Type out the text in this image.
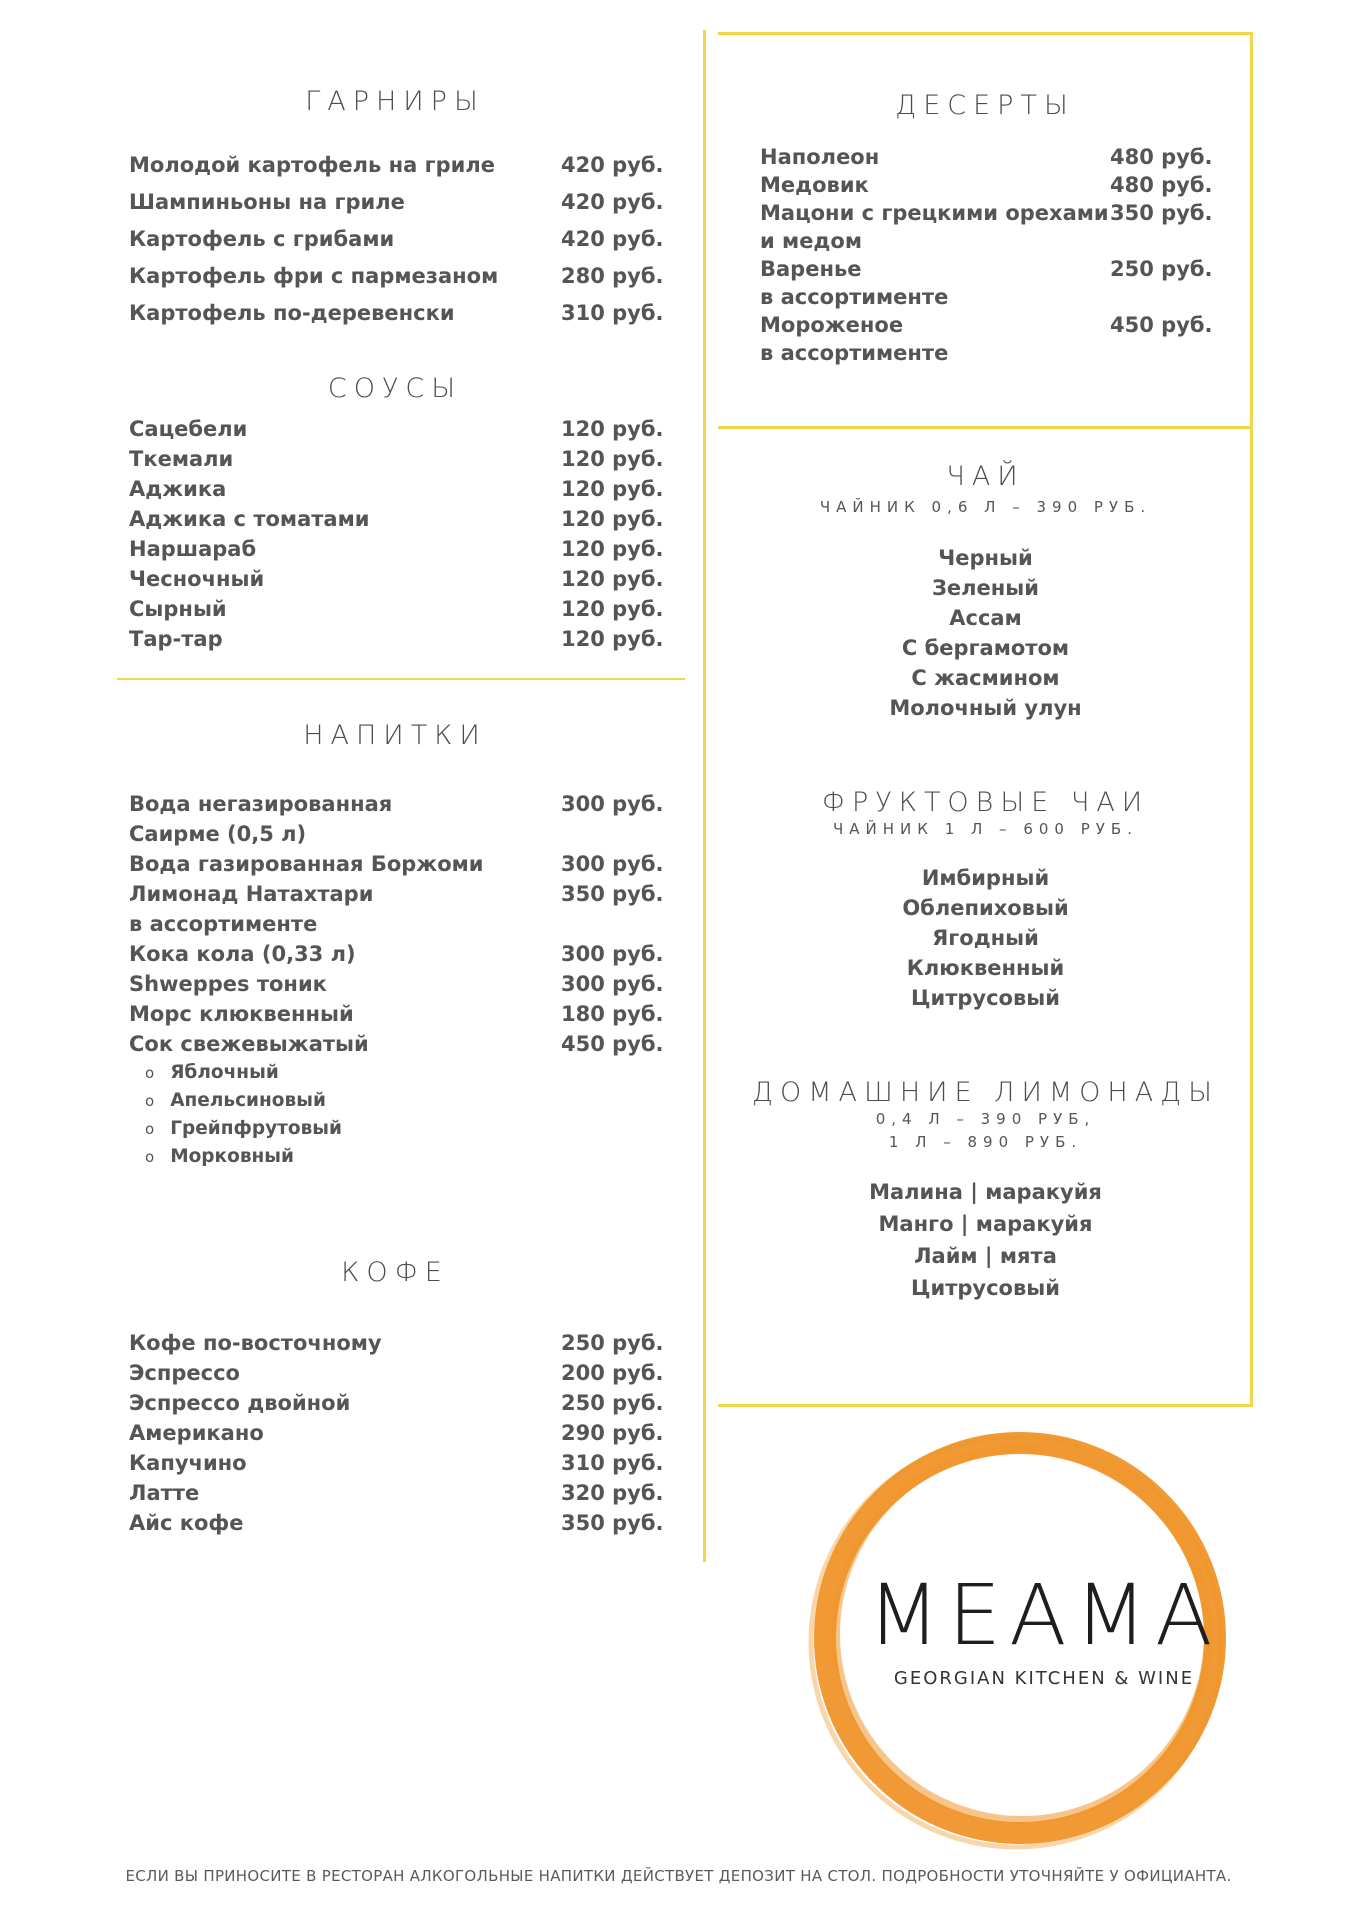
ГАРНИРЫ
Молодой картофель на гриле	420 руб.
Шампиньоны на гриле	420 руб.
Картофель с грибами	420 руб.
Картофель фри с пармезаном	280 руб.
Картофель по-деревенски	310 руб.
СОУСЫ
Сацебели	120 руб.
Ткемали	120 руб.
Аджика	120 руб.
Аджика с томатами	120 руб.
Наршараб	120 руб.
Чесночный	120 руб.
Сырный	120 руб.
Тар-тар	120 руб.
НАПИТКИ
Вода негазированная	300 руб.
Саирме (0,5 л)
Вода газированная Боржоми	300 руб.
Лимонад Натахтари	350 руб.
в ассортименте
Кока кола (0,33 л)	300 руб.
Shweppes тоник	300 руб.
Морс клюквенный	180 руб.
Сок свежевыжатый	450 руб.
o Яблочный
o Апельсиновый
o Грейпфрутовый
o Морковный
КОФЕ
Кофе по-восточному	250 руб.
Эспрессо	200 руб.
Эспрессо двойной	250 руб.
Американо	290 руб.
Капучино	310 руб.
Латте	320 руб.
Айс кофе	350 руб.
ДЕСЕРТЫ
Наполеон	480 руб.
Медовик	480 руб.
Мацони с грецкими орехами 350 руб.
и медом
Варенье	250 руб.
в ассортименте
Мороженое	450 руб.
в ассортименте
ЧАЙ

ЧАЙНИК 0,6 Л – 390 РУБ.

Черный
Зеленый
Ассам
С бергамотом
С жасмином
Молочный улун
ФРУКТОВЫЕ ЧАИ

ЧАЙНИК 1 Л – 600 РУБ.

Имбирный
Облепиховый
Ягодный
Клюквенный
Цитрусовый
ДОМАШНИЕ ЛИМОНАДЫ

0,4 Л – 390 РУБ,

1 Л – 890 РУБ.

Малина | маракуйя
Манго | маракуйя
Лайм | мята
Цитрусовый
MEAMA
GEORGIAN KITCHEN & WINE
ЕСЛИ ВЫ ПРИНОСИТЕ В РЕСТОРАН АЛКОГОЛЬНЫЕ НАПИТКИ ДЕЙСТВУЕТ ДЕПОЗИТ НА СТОЛ. ПОДРОБНОСТИ УТОЧНЯЙТЕ У ОФИЦИАНТА.
